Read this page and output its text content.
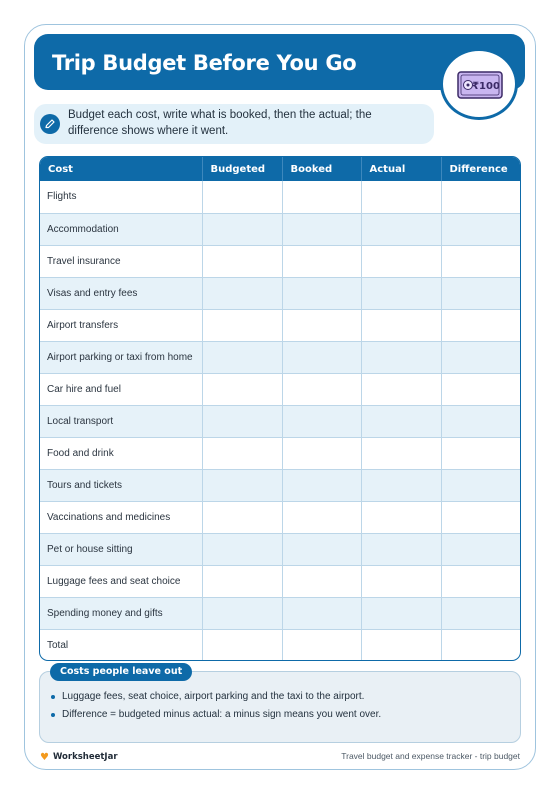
Trip Budget Before You Go
₹100

Budget each cost, write what is booked, then the actual; the difference shows where it went.

Cost	Budgeted	Booked	Actual	Difference
Flights				
Accommodation				
Travel insurance				
Visas and entry fees				
Airport transfers				
Airport parking or taxi from home				
Car hire and fuel				
Local transport				
Food and drink				
Tours and tickets				
Vaccinations and medicines				
Pet or house sitting				
Luggage fees and seat choice				
Spending money and gifts				
Total				
Luggage fees, seat choice, airport parking and the taxi to the airport.
Difference = budgeted minus actual: a minus sign means you went over.
Costs people leave out
♥ WorksheetJar	Travel budget and expense tracker - trip budget
